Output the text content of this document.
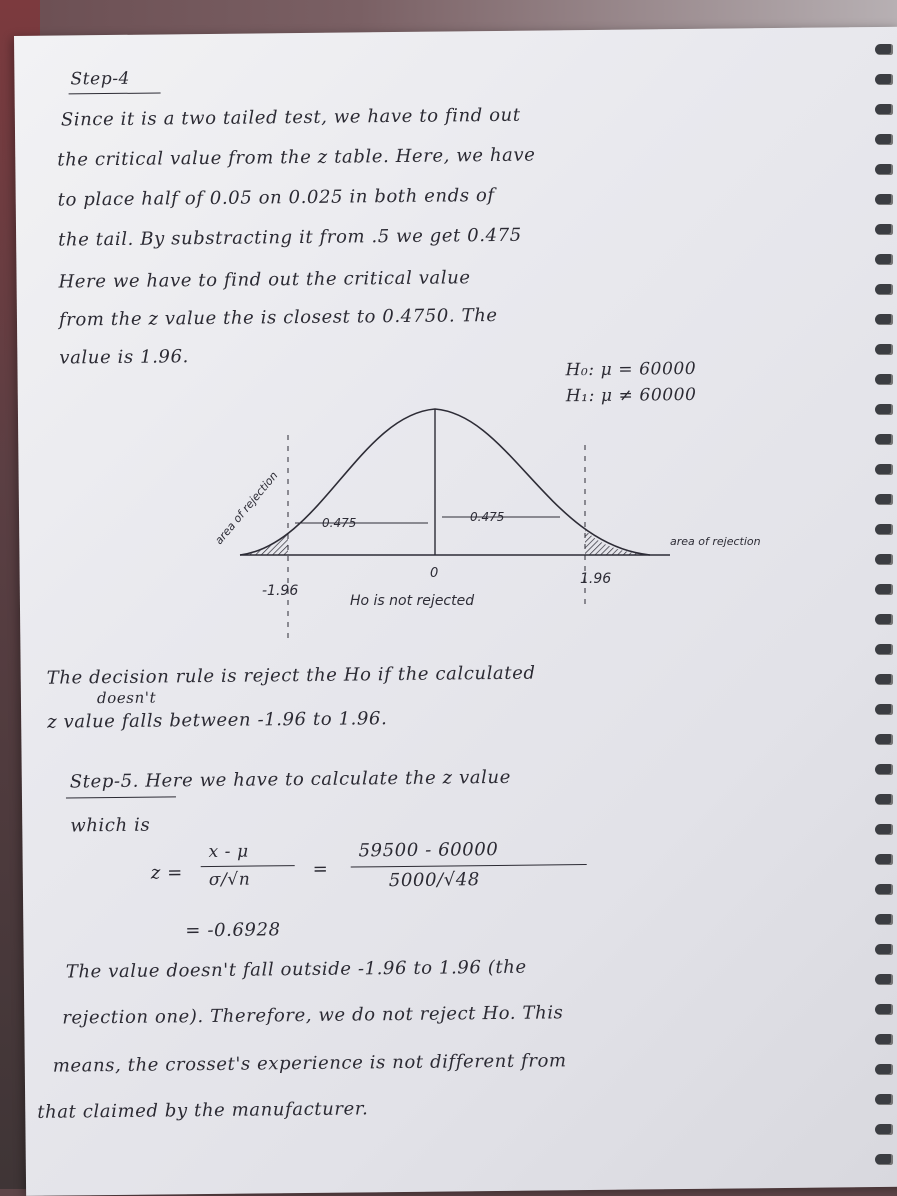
Step-4

Since it is a two tailed test, we have to find out

the critical value from the z table. Here, we have

to place half of 0.05 on 0.025 in both ends of

the tail. By substracting it from .5 we get 0.475

Here we have to find out the critical value

from the z value the is closest to 0.4750. The

value is 1.96.

H₀: μ = 60000

H₁: μ ≠ 60000

The decision rule is reject the Ho if the calculated

doesn't

z value falls between -1.96 to 1.96.

Step-5. Here we have to calculate the z value

which is

z =

x - μ

σ/√n	=

59500 - 60000

5000/√48

= -0.6928

The value doesn't fall outside -1.96 to 1.96 (the

rejection one). Therefore, we do not reject Ho. This

means, the crosset's experience is not different from

that claimed by the manufacturer.

area of rejection	area of rejection
0.475	0.475
0
-1.96
1.96
Ho is not rejected
